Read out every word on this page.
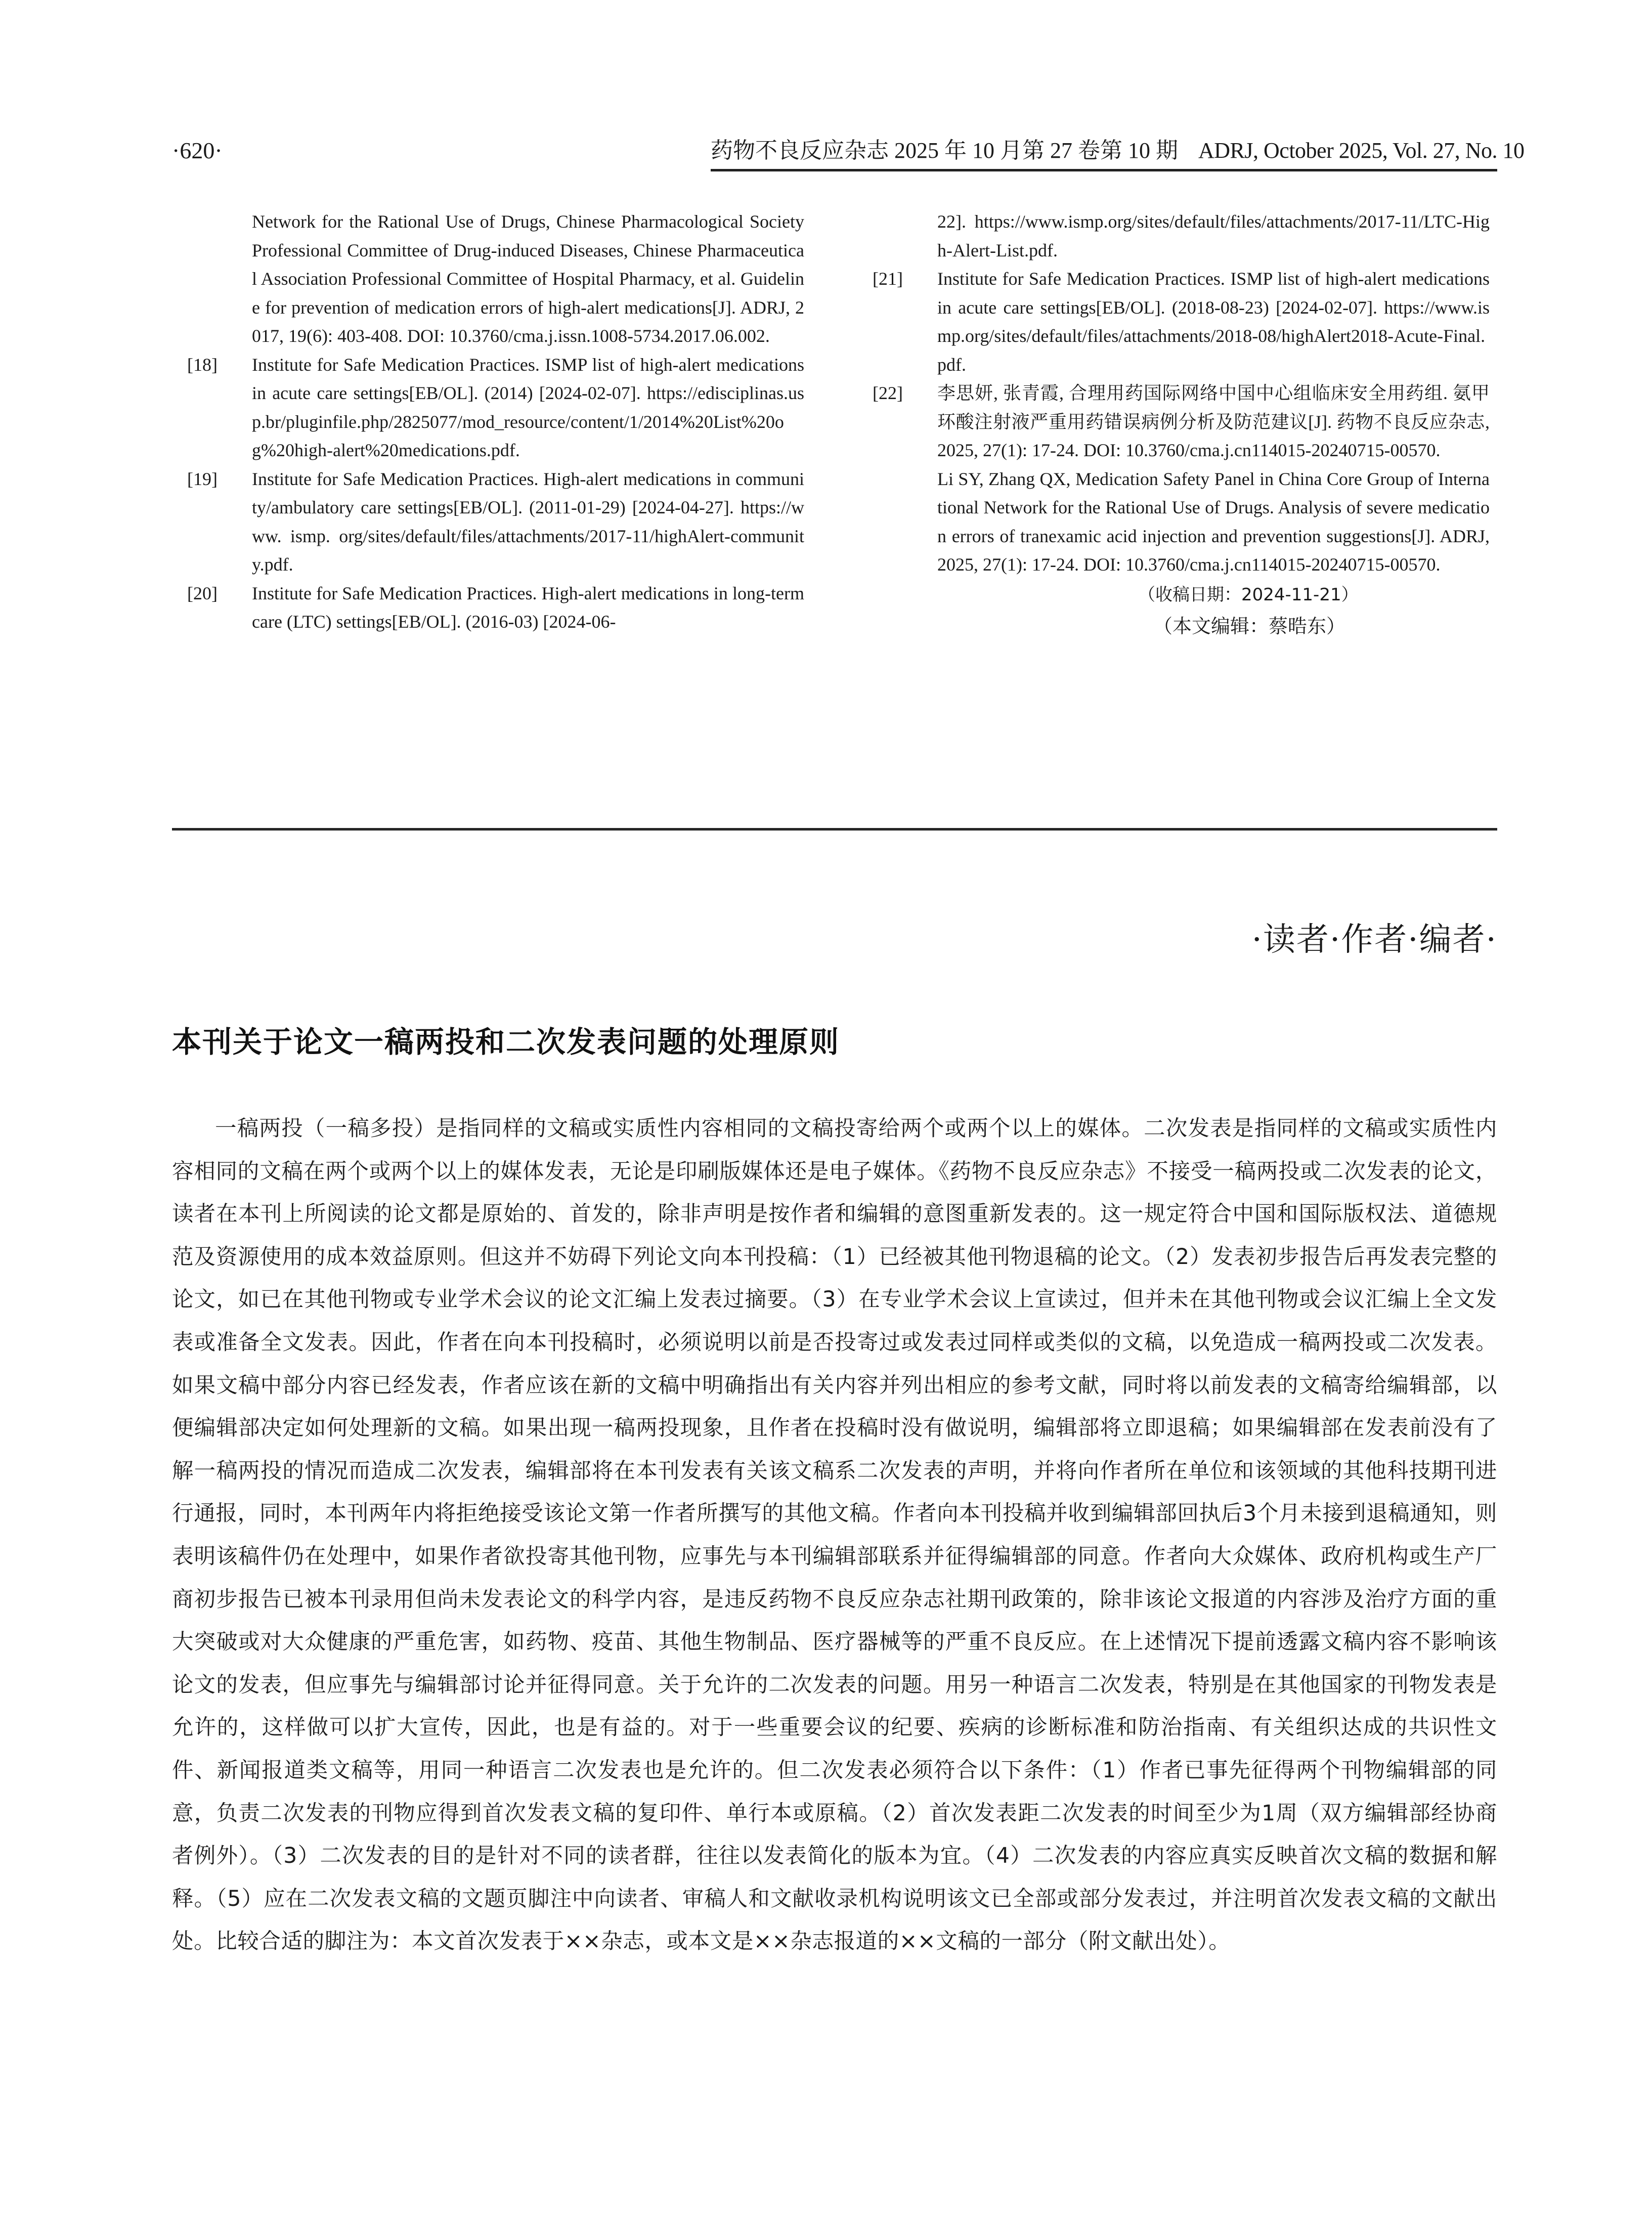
·620·	药物不良反应杂志 2025 年 10 月第 27 卷第 10 期 ADRJ, October 2025, Vol. 27, No. 10
Network for the Rational Use of Drugs, Chinese Pharmacological Society Professional Committee of Drug-induced Diseases, Chinese Pharmaceutical Association Professional Committee of Hospital Pharmacy, et al. Guideline for prevention of medication errors of high-alert medications[J]. ADRJ, 2017, 19(6): 403-408. DOI: 10.3760/cma.j.issn.1008-5734.2017.06.002.
[18] Institute for Safe Medication Practices. ISMP list of high-alert medications in acute care settings[EB/OL]. (2014) [2024-02-07]. https://edisciplinas.usp.br/pluginfile.php/2825077/mod_resource/content/1/2014%20List%20og%20high-alert%20medications.pdf.
[19] Institute for Safe Medication Practices. High-alert medications in community/ambulatory care settings[EB/OL]. (2011-01-29) [2024-04-27]. https://www. ismp. org/sites/default/files/attachments/2017-11/highAlert-community.pdf.
[20] Institute for Safe Medication Practices. High-alert medications in long-term care (LTC) settings[EB/OL]. (2016-03) [2024-06-
22]. https://www.ismp.org/sites/default/files/attachments/2017-11/LTC-High-Alert-List.pdf.
[21] Institute for Safe Medication Practices. ISMP list of high-alert medications in acute care settings[EB/OL]. (2018-08-23) [2024-02-07]. https://www.ismp.org/sites/default/files/attachments/2018-08/highAlert2018-Acute-Final.pdf.
[22] 李思妍, 张青霞, 合理用药国际网络中国中心组临床安全用药组. 氨甲环酸注射液严重用药错误病例分析及防范建议[J]. 药物不良反应杂志, 2025, 27(1): 17-24. DOI: 10.3760/cma.j.cn114015-20240715-00570.
Li SY, Zhang QX, Medication Safety Panel in China Core Group of International Network for the Rational Use of Drugs. Analysis of severe medication errors of tranexamic acid injection and prevention suggestions[J]. ADRJ, 2025, 27(1): 17-24. DOI: 10.3760/cma.j.cn114015-20240715-00570.
（收稿日期：2024-11-21）
（本文编辑：蔡晧东）
·读者·作者·编者·
本刊关于论文一稿两投和二次发表问题的处理原则

一稿两投（一稿多投）是指同样的文稿或实质性内容相同的文稿投寄给两个或两个以上的媒体。二次发表是指同样的文稿或实质性内容相同的文稿在两个或两个以上的媒体发表，无论是印刷版媒体还是电子媒体。《药物不良反应杂志》不接受一稿两投或二次发表的论文，读者在本刊上所阅读的论文都是原始的、首发的，除非声明是按作者和编辑的意图重新发表的。这一规定符合中国和国际版权法、道德规范及资源使用的成本效益原则。但这并不妨碍下列论文向本刊投稿：（1）已经被其他刊物退稿的论文。（2）发表初步报告后再发表完整的论文，如已在其他刊物或专业学术会议的论文汇编上发表过摘要。（3）在专业学术会议上宣读过，但并未在其他刊物或会议汇编上全文发表或准备全文发表。因此，作者在向本刊投稿时，必须说明以前是否投寄过或发表过同样或类似的文稿，以免造成一稿两投或二次发表。如果文稿中部分内容已经发表，作者应该在新的文稿中明确指出有关内容并列出相应的参考文献，同时将以前发表的文稿寄给编辑部，以便编辑部决定如何处理新的文稿。如果出现一稿两投现象，且作者在投稿时没有做说明，编辑部将立即退稿；如果编辑部在发表前没有了解一稿两投的情况而造成二次发表，编辑部将在本刊发表有关该文稿系二次发表的声明，并将向作者所在单位和该领域的其他科技期刊进行通报，同时，本刊两年内将拒绝接受该论文第一作者所撰写的其他文稿。作者向本刊投稿并收到编辑部回执后3个月未接到退稿通知，则表明该稿件仍在处理中，如果作者欲投寄其他刊物，应事先与本刊编辑部联系并征得编辑部的同意。作者向大众媒体、政府机构或生产厂商初步报告已被本刊录用但尚未发表论文的科学内容，是违反药物不良反应杂志社期刊政策的，除非该论文报道的内容涉及治疗方面的重大突破或对大众健康的严重危害，如药物、疫苗、其他生物制品、医疗器械等的严重不良反应。在上述情况下提前透露文稿内容不影响该论文的发表，但应事先与编辑部讨论并征得同意。关于允许的二次发表的问题。用另一种语言二次发表，特别是在其他国家的刊物发表是允许的，这样做可以扩大宣传，因此，也是有益的。对于一些重要会议的纪要、疾病的诊断标准和防治指南、有关组织达成的共识性文件、新闻报道类文稿等，用同一种语言二次发表也是允许的。但二次发表必须符合以下条件：（1）作者已事先征得两个刊物编辑部的同意，负责二次发表的刊物应得到首次发表文稿的复印件、单行本或原稿。（2）首次发表距二次发表的时间至少为1周（双方编辑部经协商者例外）。（3）二次发表的目的是针对不同的读者群，往往以发表简化的版本为宜。（4）二次发表的内容应真实反映首次文稿的数据和解释。（5）应在二次发表文稿的文题页脚注中向读者、审稿人和文献收录机构说明该文已全部或部分发表过，并注明首次发表文稿的文献出处。比较合适的脚注为：本文首次发表于××杂志，或本文是××杂志报道的××文稿的一部分（附文献出处）。
